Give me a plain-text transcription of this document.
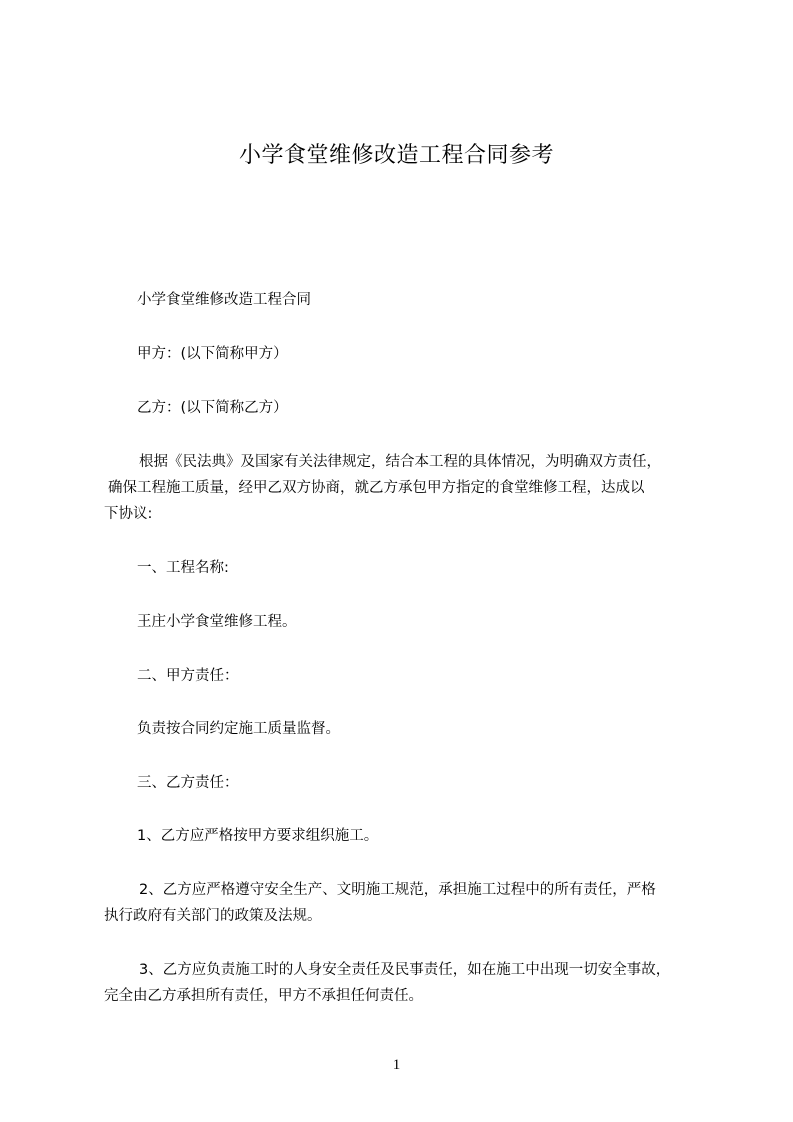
小学食堂维修改造工程合同参考
小学食堂维修改造工程合同
甲方：(以下简称甲方）
乙方：(以下简称乙方）
根据《民法典》及国家有关法律规定，结合本工程的具体情况，为明确双方责任，
确保工程施工质量，经甲乙双方协商，就乙方承包甲方指定的食堂维修工程，达成以
下协议:
一、工程名称:
王庄小学食堂维修工程。
二、甲方责任：
负责按合同约定施工质量监督。
三、乙方责任：
1、乙方应严格按甲方要求组织施工。
2、乙方应严格遵守安全生产、文明施工规范，承担施工过程中的所有责任，严格
执行政府有关部门的政策及法规。
3、乙方应负责施工时的人身安全责任及民事责任，如在施工中出现一切安全事故，
完全由乙方承担所有责任，甲方不承担任何责任。
1
